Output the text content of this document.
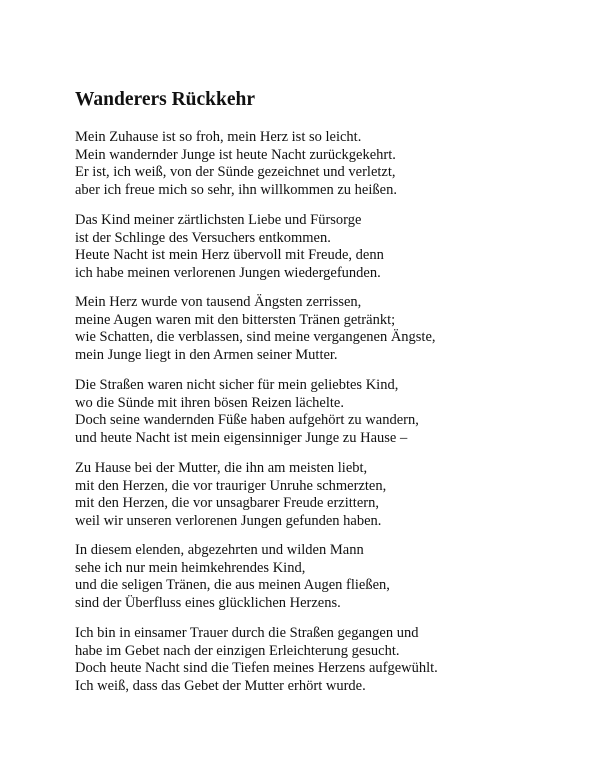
Wanderers Rückkehr
Mein Zuhause ist so froh, mein Herz ist so leicht.
Mein wandernder Junge ist heute Nacht zurückgekehrt.
Er ist, ich weiß, von der Sünde gezeichnet und verletzt,
aber ich freue mich so sehr, ihn willkommen zu heißen.
Das Kind meiner zärtlichsten Liebe und Fürsorge
ist der Schlinge des Versuchers entkommen.
Heute Nacht ist mein Herz übervoll mit Freude, denn
ich habe meinen verlorenen Jungen wiedergefunden.
Mein Herz wurde von tausend Ängsten zerrissen,
meine Augen waren mit den bittersten Tränen getränkt;
wie Schatten, die verblassen, sind meine vergangenen Ängste,
mein Junge liegt in den Armen seiner Mutter.
Die Straßen waren nicht sicher für mein geliebtes Kind,
wo die Sünde mit ihren bösen Reizen lächelte.
Doch seine wandernden Füße haben aufgehört zu wandern,
und heute Nacht ist mein eigensinniger Junge zu Hause –
Zu Hause bei der Mutter, die ihn am meisten liebt,
mit den Herzen, die vor trauriger Unruhe schmerzten,
mit den Herzen, die vor unsagbarer Freude erzittern,
weil wir unseren verlorenen Jungen gefunden haben.
In diesem elenden, abgezehrten und wilden Mann
sehe ich nur mein heimkehrendes Kind,
und die seligen Tränen, die aus meinen Augen fließen,
sind der Überfluss eines glücklichen Herzens.
Ich bin in einsamer Trauer durch die Straßen gegangen und
habe im Gebet nach der einzigen Erleichterung gesucht.
Doch heute Nacht sind die Tiefen meines Herzens aufgewühlt.
Ich weiß, dass das Gebet der Mutter erhört wurde.
